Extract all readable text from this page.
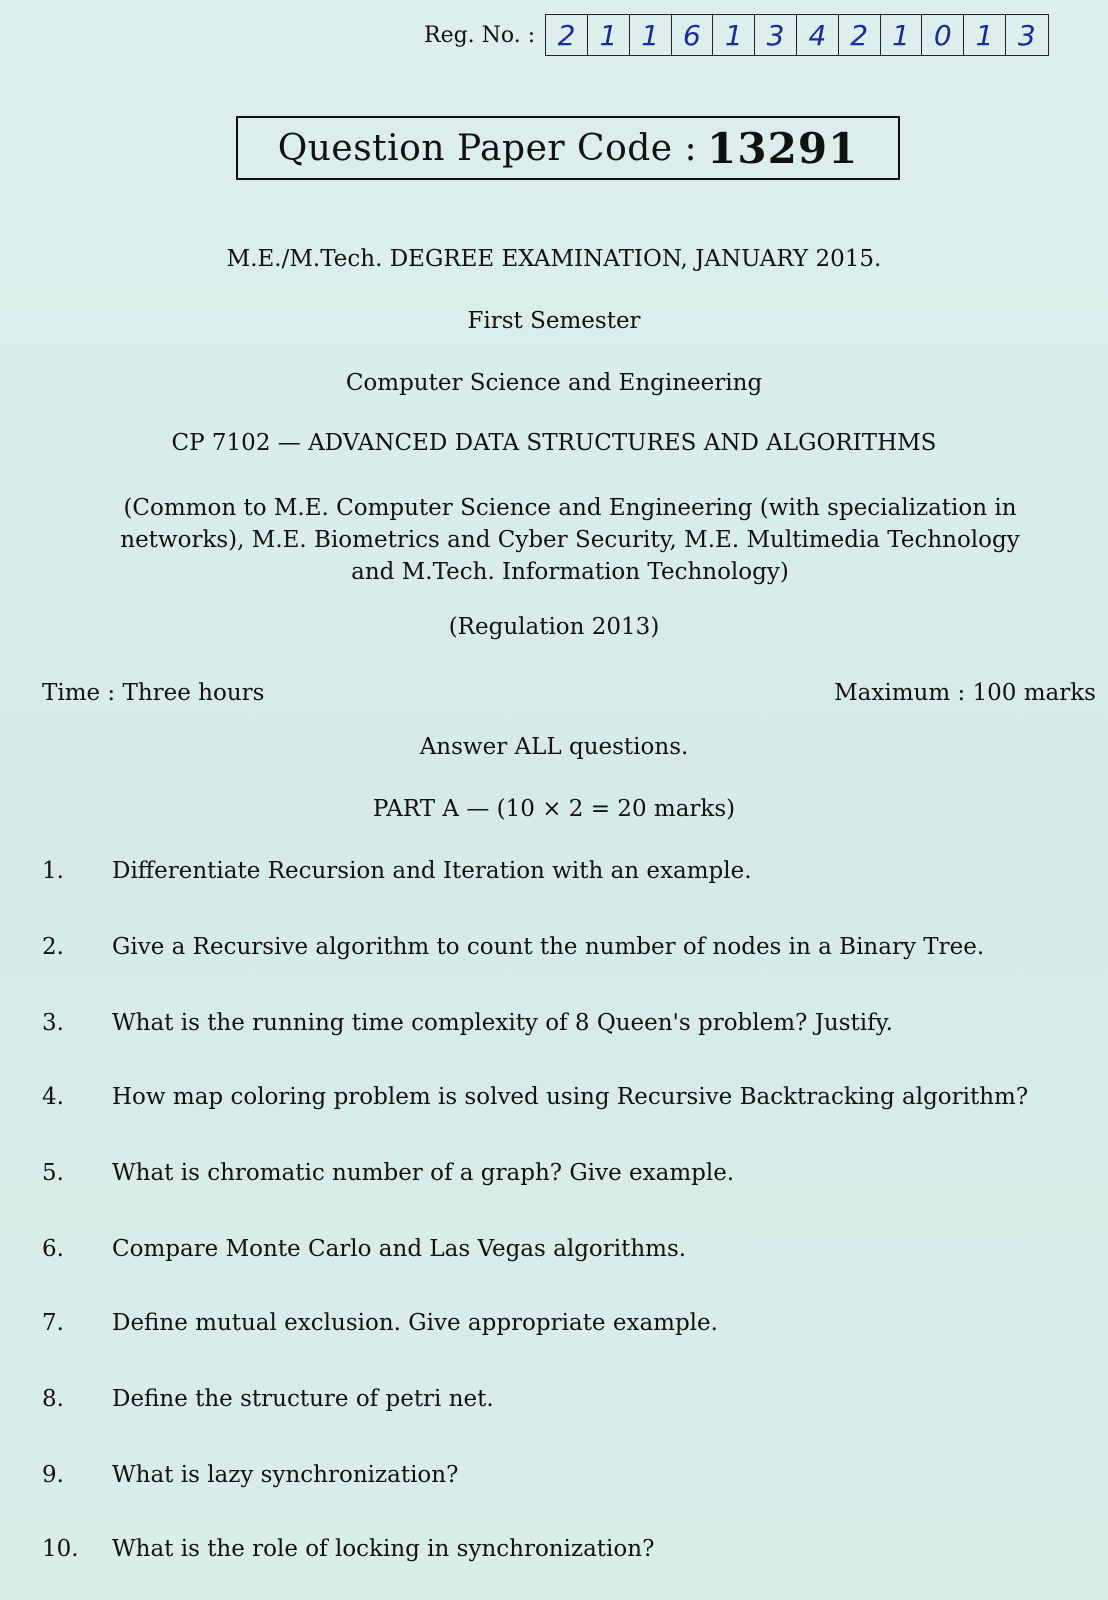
Reg. No. : 2 1 1 6 1 3 4 2 1 0 1 3
Question Paper Code : 13291
M.E./M.Tech. DEGREE EXAMINATION, JANUARY 2015.
First Semester
Computer Science and Engineering
CP 7102 — ADVANCED DATA STRUCTURES AND ALGORITHMS
(Common to M.E. Computer Science and Engineering (with specialization in
networks), M.E. Biometrics and Cyber Security, M.E. Multimedia Technology
and M.Tech. Information Technology)
(Regulation 2013)
Time : Three hours	Maximum : 100 marks
Answer ALL questions.
PART A — (10 × 2 = 20 marks)
1. Differentiate Recursion and Iteration with an example.
2. Give a Recursive algorithm to count the number of nodes in a Binary Tree.
3. What is the running time complexity of 8 Queen's problem? Justify.
4. How map coloring problem is solved using Recursive Backtracking algorithm?
5. What is chromatic number of a graph? Give example.
6. Compare Monte Carlo and Las Vegas algorithms.
7. Define mutual exclusion. Give appropriate example.
8. Define the structure of petri net.
9. What is lazy synchronization?
10. What is the role of locking in synchronization?
